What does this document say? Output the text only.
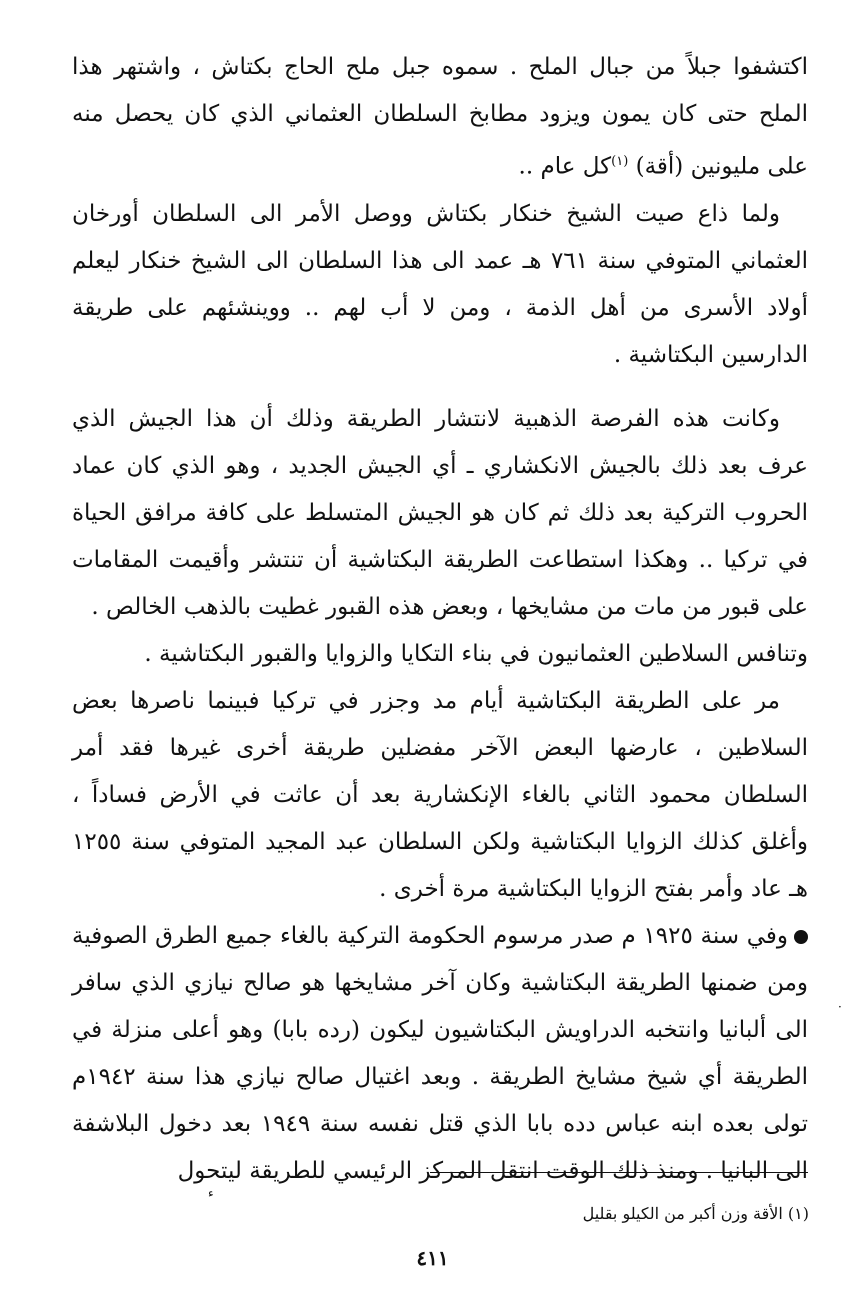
اكتشفوا جبلاً من جبال الملح . سموه جبل ملح الحاج بكتاش ، واشتهر هذا الملح حتى كان يمون ويزود مطابخ السلطان العثماني الذي كان يحصل منه على مليونين (أقة) $^{(١)}$كل عام ..

ولما ذاع صيت الشيخ خنكار بكتاش ووصل الأمر الى السلطان أورخان العثماني المتوفي سنة ٧٦١ هـ عمد الى هذا السلطان الى الشيخ خنكار ليعلم أولاد الأسرى من أهل الذمة ، ومن لا أب لهم .. ووينشئهم على طريقة الدارسين البكتاشية .

وكانت هذه الفرصة الذهبية لانتشار الطريقة وذلك أن هذا الجيش الذي عرف بعد ذلك بالجيش الانكشاري ـ أي الجيش الجديد ، وهو الذي كان عماد الحروب التركية بعد ذلك ثم كان هو الجيش المتسلط على كافة مرافق الحياة في تركيا .. وهكذا استطاعت الطريقة البكتاشية أن تنتشر وأقيمت المقامات على قبور من مات من مشايخها ، وبعض هذه القبور غطيت بالذهب الخالص .

وتنافس السلاطين العثمانيون في بناء التكايا والزوايا والقبور البكتاشية .

مر على الطريقة البكتاشية أيام مد وجزر في تركيا فبينما ناصرها بعض السلاطين ، عارضها البعض الآخر مفضلين طريقة أخرى غيرها فقد أمر السلطان محمود الثاني بالغاء الإنكشارية بعد أن عاثت في الأرض فساداً ، وأغلق كذلك الزوايا البكتاشية ولكن السلطان عبد المجيد المتوفي سنة ١٢٥٥ هـ عاد وأمر بفتح الزوايا البكتاشية مرة أخرى .

وفي سنة ١٩٢٥ م صدر مرسوم الحكومة التركية بالغاء جميع الطرق الصوفية ومن ضمنها الطريقة البكتاشية وكان آخر مشايخها هو صالح نيازي الذي سافر الى ألبانيا وانتخبه الدراويش البكتاشيون ليكون (رده بابا) وهو أعلى منزلة في الطريقة أي شيخ مشايخ الطريقة . وبعد اغتيال صالح نيازي هذا سنة ١٩٤٢م تولى بعده ابنه عباس دده بابا الذي قتل نفسه سنة ١٩٤٩ بعد دخول البلاشفة الى البانيا . ومنذ ذلك الوقت انتقل المركز الرئيسي للطريقة ليتحول

ء
·
(١) الأقة وزن أكبر من الكيلو بقليل
٤١١
